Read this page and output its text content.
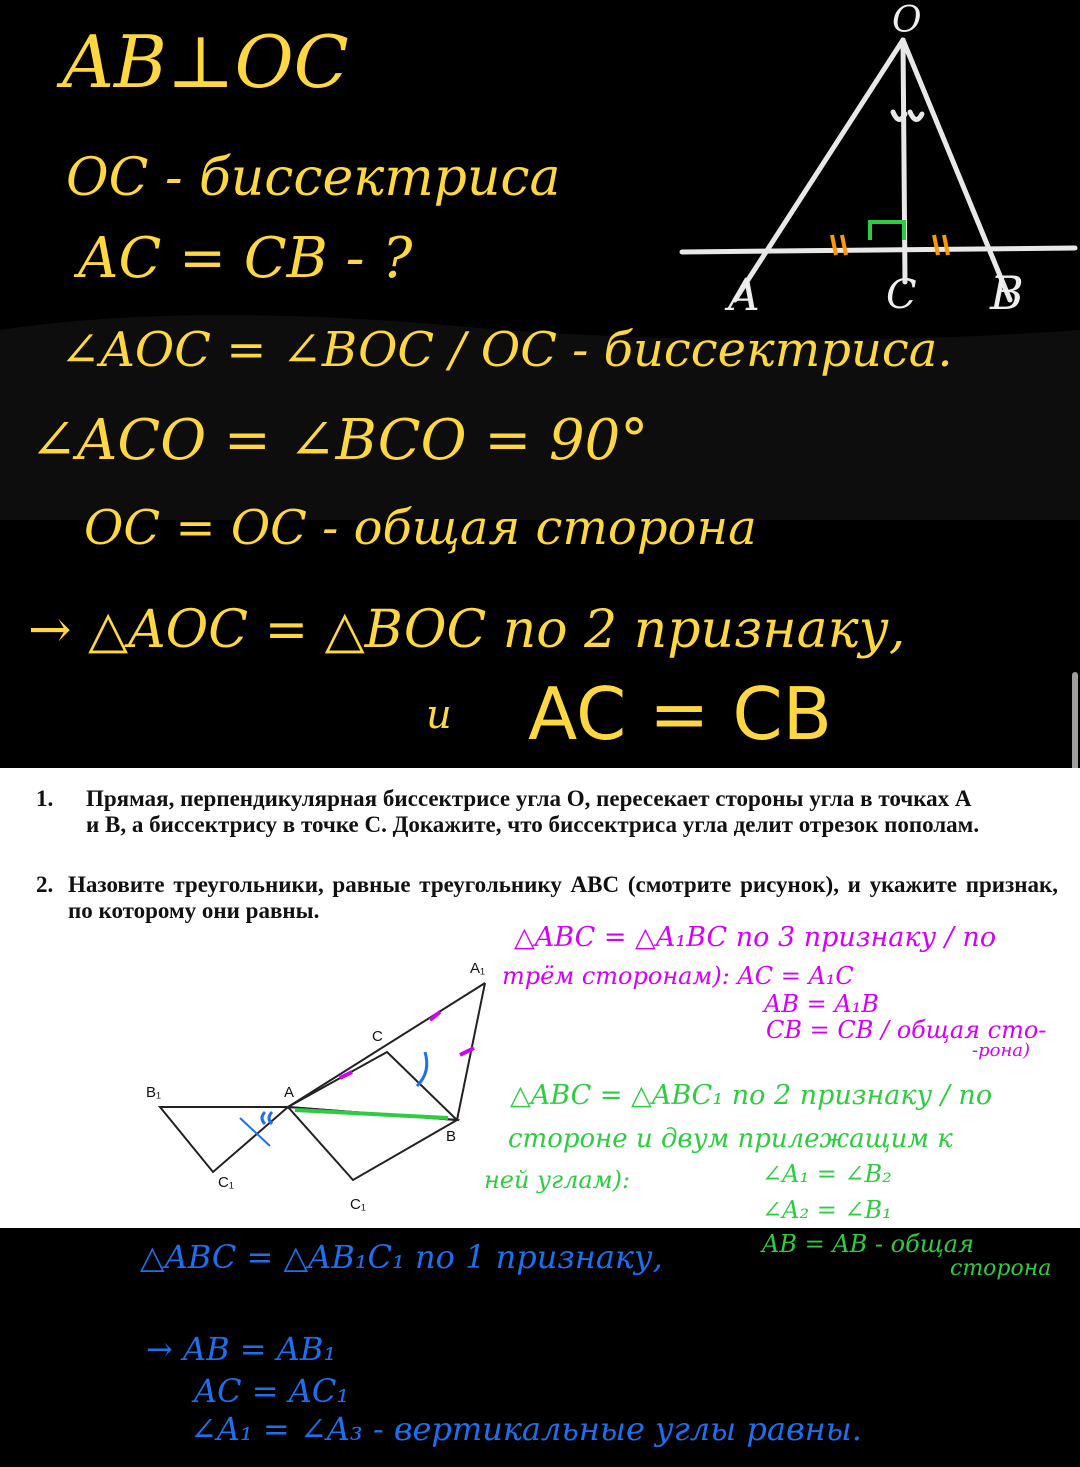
AB⊥OC
OC - биссектриса
AC = CB - ?
∠AOC = ∠BOC / OC - биссектриса.
∠ACO = ∠BCO = 90°
OC = OC - общая сторона
→ △AOC = △BOC по 2 признаку,
и AC = CB
O
A	C B
1. Прямая, перпендикулярная биссектрисе угла O, пересекает стороны угла в точках A и B, а биссектрису в точке C. Докажите, что биссектриса угла делит отрезок пополам.
2. Назовите треугольники, равные треугольнику ABC (смотрите рисунок), и укажите признак, по которому они равны.
A₁
C
B₁	A
B
C₁
C₁
△ABC = △A₁BC по 3 признаку / по
трём сторонам): AC = A₁C
AB = A₁B
CB = CB / общая сто-
-рона)
△ABC = △ABC₁ по 2 признаку / по
стороне и двум прилежащим к
ней углам):	∠A₁ = ∠B₂
∠A₂ = ∠B₁
AB = AB - общая
сторона
△ABC = △AB₁C₁ по 1 признаку,
→ AB = AB₁
AC = AC₁
∠A₁ = ∠A₃ - вертикальные углы равны.
